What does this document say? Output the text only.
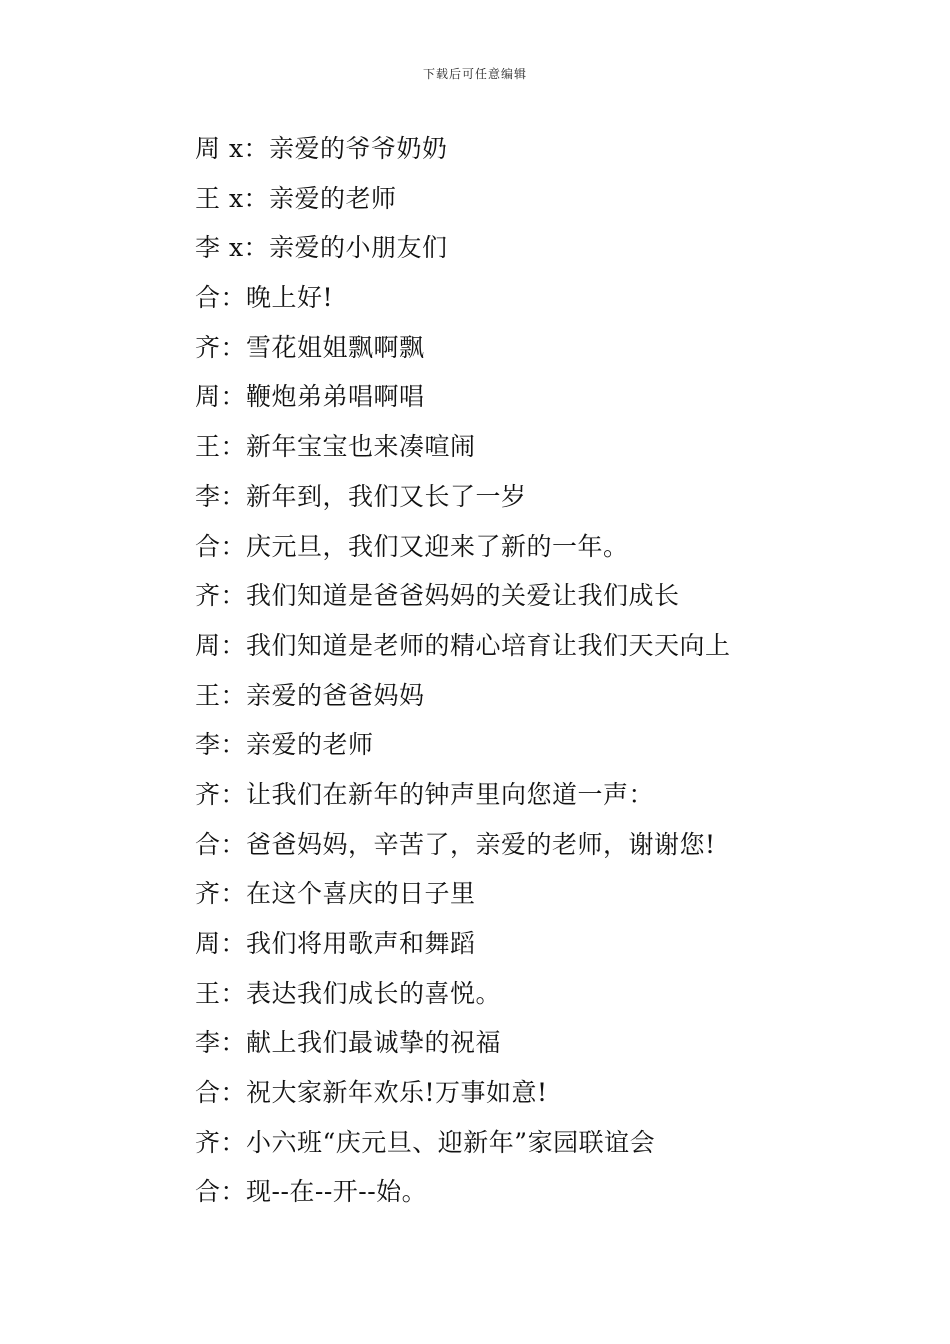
下载后可任意编辑
周 x：亲爱的爷爷奶奶
王 x：亲爱的老师
李 x：亲爱的小朋友们
合：晚上好!
齐：雪花姐姐飘啊飘
周：鞭炮弟弟唱啊唱
王：新年宝宝也来凑喧闹
李：新年到，我们又长了一岁
合：庆元旦，我们又迎来了新的一年。
齐：我们知道是爸爸妈妈的关爱让我们成长
周：我们知道是老师的精心培育让我们天天向上
王：亲爱的爸爸妈妈
李：亲爱的老师
齐：让我们在新年的钟声里向您道一声：
合：爸爸妈妈，辛苦了，亲爱的老师，谢谢您!
齐：在这个喜庆的日子里
周：我们将用歌声和舞蹈
王：表达我们成长的喜悦。
李：献上我们最诚挚的祝福
合：祝大家新年欢乐!万事如意!
齐：小六班“庆元旦、迎新年”家园联谊会
合：现--在--开--始。
